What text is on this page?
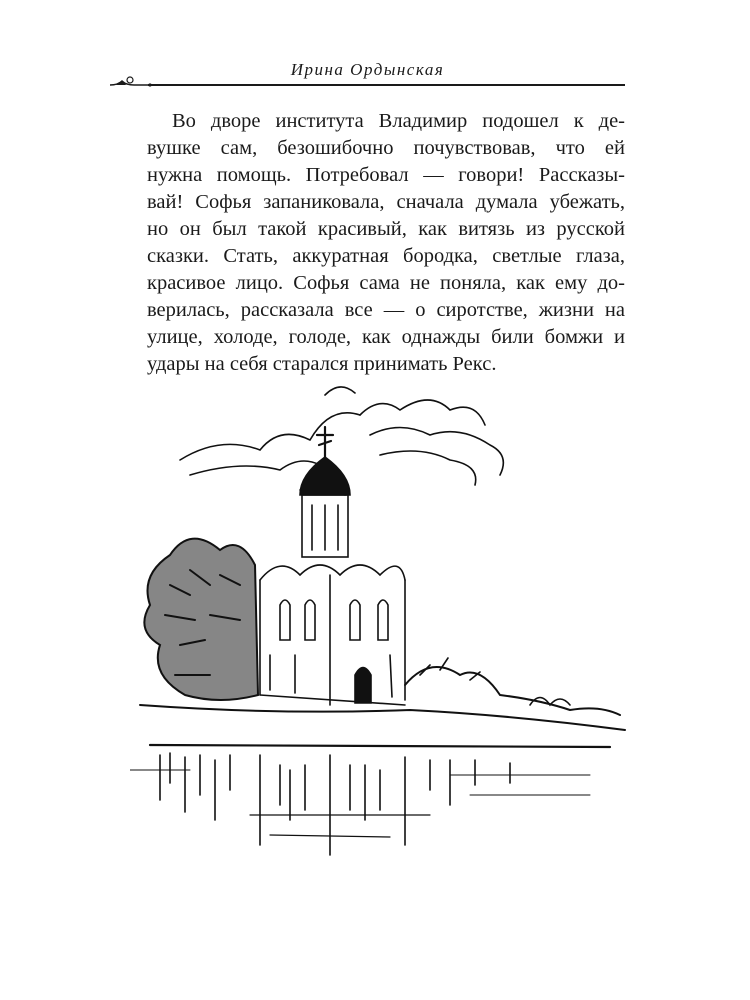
Ирина Ордынская
Во дворе института Владимир подошел к де-
вушке сам, безошибочно почувствовав, что ей
нужна помощь. Потребовал — говори! Рассказы-
вай! Софья запаниковала, сначала думала убежать,
но он был такой красивый, как витязь из русской
сказки. Стать, аккуратная бородка, светлые глаза,
красивое лицо. Софья сама не поняла, как ему до-
верилась, рассказала все — о сиротстве, жизни на
улице, холоде, голоде, как однажды били бомжи и
удары на себя старался принимать Рекс.
